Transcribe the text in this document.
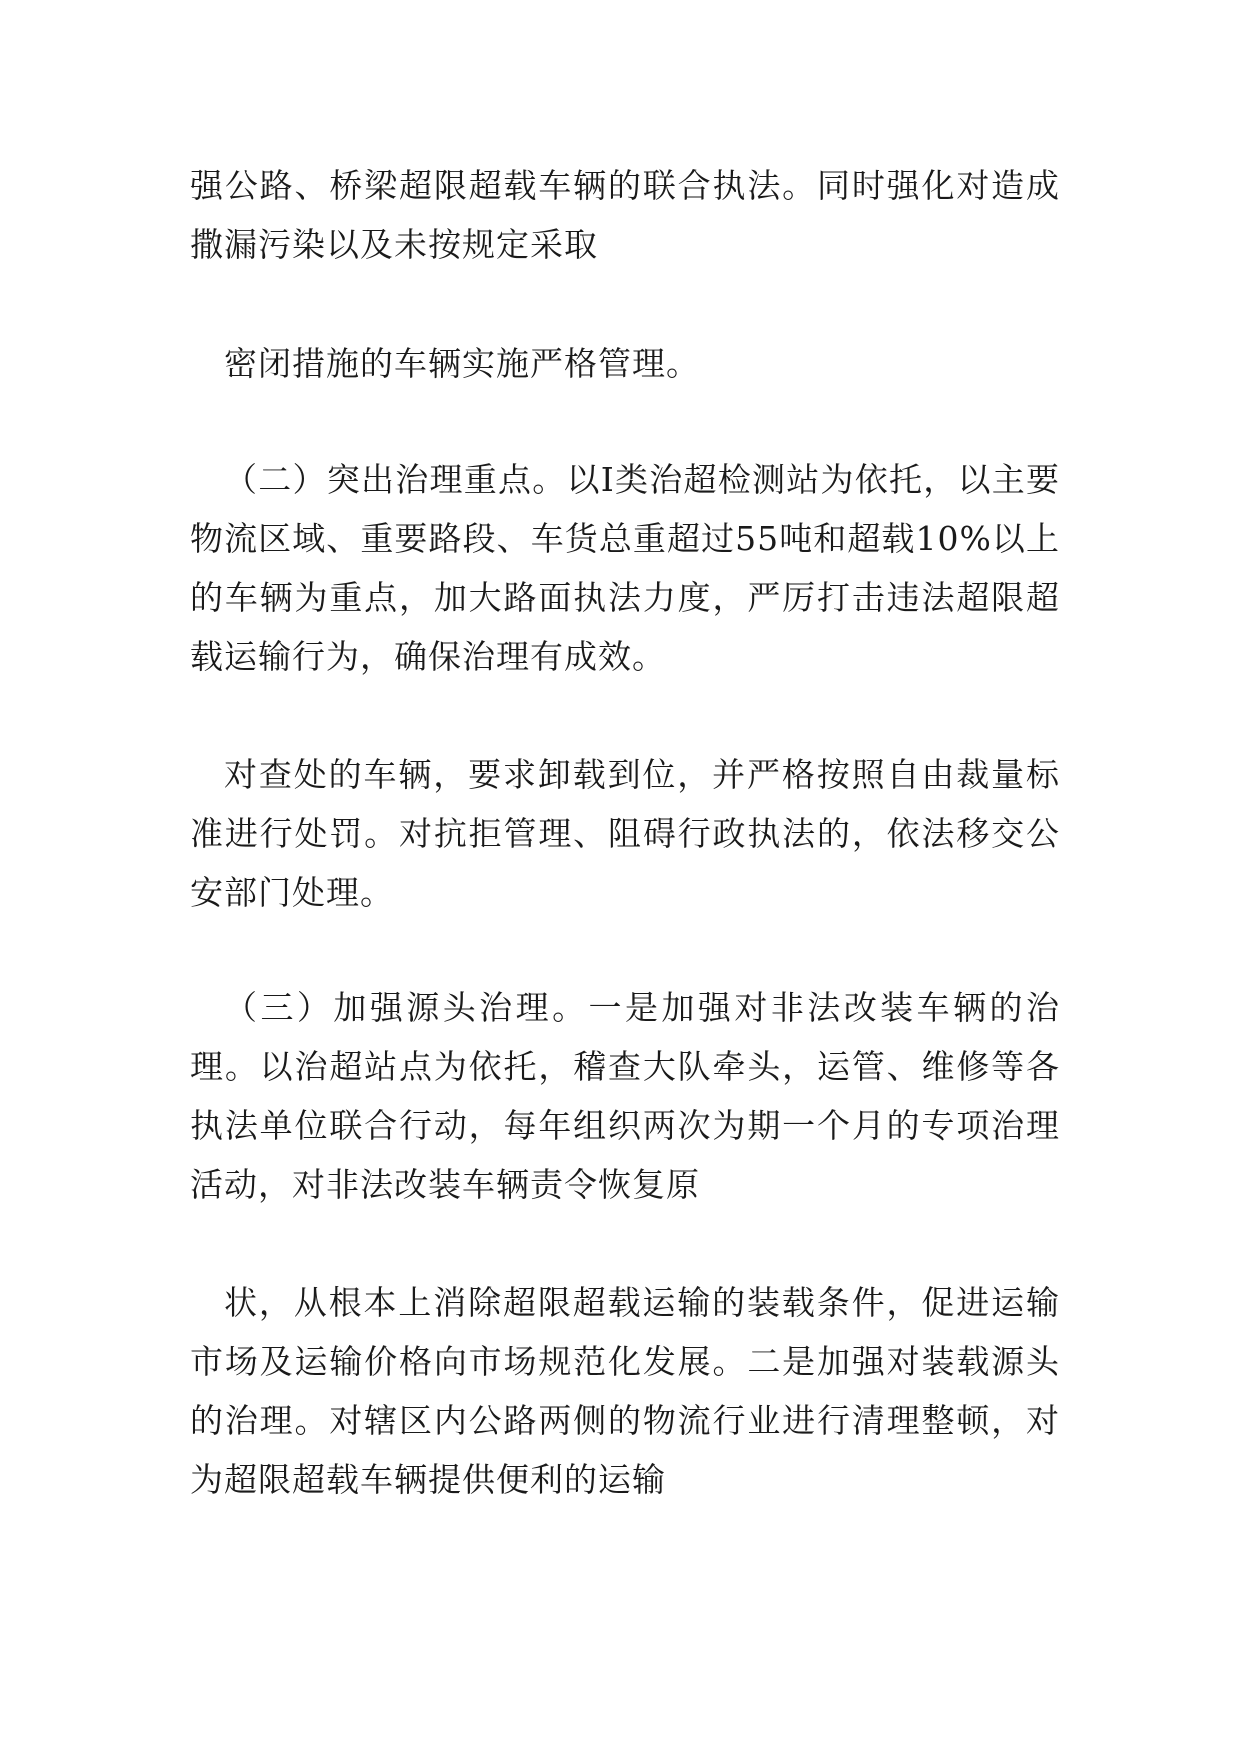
强公路、桥梁超限超载车辆的联合执法。同时强化对造成撒漏污染以及未按规定采取

密闭措施的车辆实施严格管理。

（二）突出治理重点。以Ⅰ类治超检测站为依托，以主要物流区域、重要路段、车货总重超过55吨和超载10%以上的车辆为重点，加大路面执法力度，严厉打击违法超限超载运输行为，确保治理有成效。

对查处的车辆，要求卸载到位，并严格按照自由裁量标准进行处罚。对抗拒管理、阻碍行政执法的，依法移交公安部门处理。

（三）加强源头治理。一是加强对非法改装车辆的治理。以治超站点为依托，稽查大队牵头，运管、维修等各执法单位联合行动，每年组织两次为期一个月的专项治理活动，对非法改装车辆责令恢复原

状，从根本上消除超限超载运输的装载条件，促进运输市场及运输价格向市场规范化发展。二是加强对装载源头的治理。对辖区内公路两侧的物流行业进行清理整顿，对为超限超载车辆提供便利的运输
